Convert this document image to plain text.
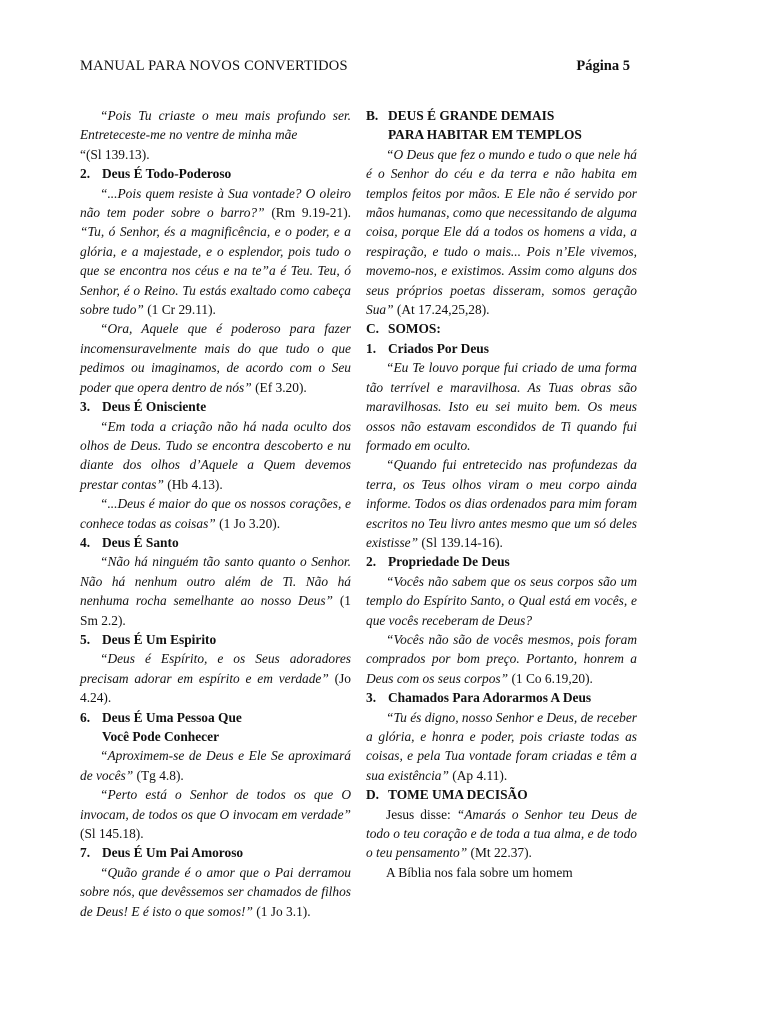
MANUAL PARA NOVOS CONVERTIDOS	Página 5

“Pois Tu criaste o meu mais profundo ser. Entreteceste-me no ventre de minha mãe
“(Sl 139.13).

2. Deus É Todo-Poderoso

“...Pois quem resiste à Sua vontade? O oleiro não tem poder sobre o barro?” (Rm 9.19-21). “Tu, ó Senhor, és a magnificência, e o poder, e a glória, e a majestade, e o esplendor, pois tudo o que se encontra nos céus e na te”a é Teu. Teu, ó Senhor, é o Reino. Tu estás exaltado como cabeça sobre tudo” (1 Cr 29.11).

“Ora, Aquele que é poderoso para fazer incomensuravelmente mais do que tudo o que pedimos ou imaginamos, de acordo com o Seu poder que opera dentro de nós” (Ef 3.20).

3. Deus É Onisciente

“Em toda a criação não há nada oculto dos olhos de Deus. Tudo se encontra descoberto e nu diante dos olhos d’Aquele a Quem devemos prestar contas” (Hb 4.13).

“...Deus é maior do que os nossos corações, e conhece todas as coisas” (1 Jo 3.20).

4. Deus É Santo

“Não há ninguém tão santo quanto o Senhor. Não há nenhum outro além de Ti. Não há nenhuma rocha semelhante ao nosso Deus” (1 Sm 2.2).

5. Deus É Um Espirito

“Deus é Espírito, e os Seus adoradores precisam adorar em espírito e em verdade” (Jo 4.24).

6. Deus É Uma Pessoa Que
Você Pode Conhecer

“Aproximem-se de Deus e Ele Se aproximará de vocês” (Tg 4.8).

“Perto está o Senhor de todos os que O invocam, de todos os que O invocam em verdade” (Sl 145.18).

7. Deus É Um Pai Amoroso

“Quão grande é o amor que o Pai derramou sobre nós, que devêssemos ser chamados de filhos de Deus! E é isto o que somos!” (1 Jo 3.1).

B. DEUS É GRANDE DEMAIS
PARA HABITAR EM TEMPLOS

“O Deus que fez o mundo e tudo o que nele há é o Senhor do céu e da terra e não habita em templos feitos por mãos. E Ele não é servido por mãos humanas, como que necessitando de alguma coisa, porque Ele dá a todos os homens a vida, a respiração, e tudo o mais... Pois n’Ele vivemos, movemo-nos, e existimos. Assim como alguns dos seus próprios poetas disseram, somos geração Sua” (At 17.24,25,28).

C. SOMOS:
1. Criados Por Deus

“Eu Te louvo porque fui criado de uma forma tão terrível e maravilhosa. As Tuas obras são maravilhosas. Isto eu sei muito bem. Os meus ossos não estavam escondidos de Ti quando fui formado em oculto.

“Quando fui entretecido nas profundezas da terra, os Teus olhos viram o meu corpo ainda informe. Todos os dias ordenados para mim foram escritos no Teu livro antes mesmo que um só deles existisse” (Sl 139.14-16).

2. Propriedade De Deus

“Vocês não sabem que os seus corpos são um templo do Espírito Santo, o Qual está em vocês, e que vocês receberam de Deus?

“Vocês não são de vocês mesmos, pois foram comprados por bom preço. Portanto, honrem a Deus com os seus corpos” (1 Co 6.19,20).

3. Chamados Para Adorarmos A Deus

“Tu és digno, nosso Senhor e Deus, de receber a glória, e honra e poder, pois criaste todas as coisas, e pela Tua vontade foram criadas e têm a sua existência” (Ap 4.11).

D. TOME UMA DECISÃO

Jesus disse: “Amarás o Senhor teu Deus de todo o teu coração e de toda a tua alma, e de todo o teu pensamento” (Mt 22.37).

A Bíblia nos fala sobre um homem
